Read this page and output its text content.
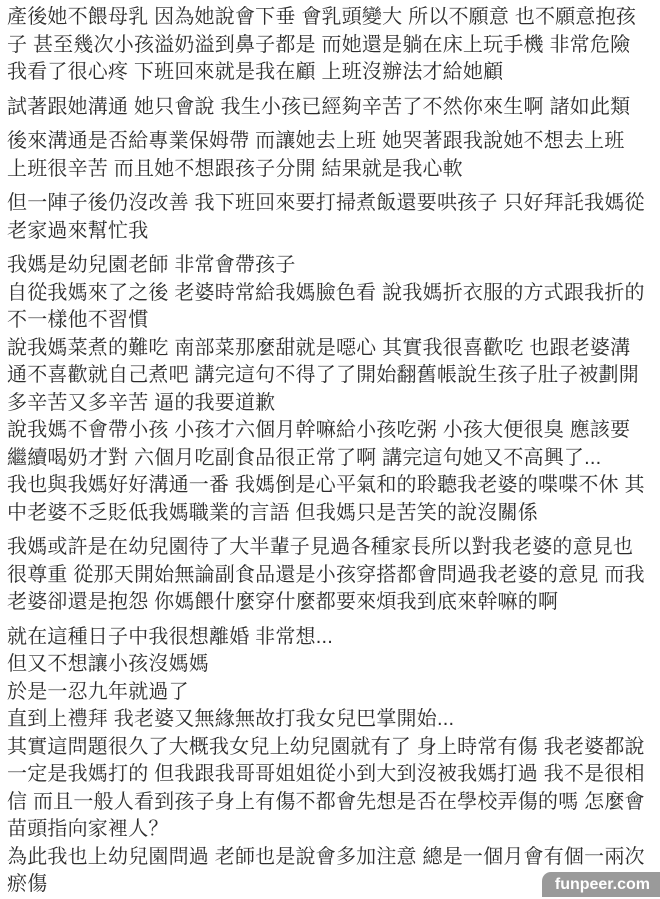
產後她不餵母乳 因為她說會下垂 會乳頭變大 所以不願意 也不願意抱孩
子 甚至幾次小孩溢奶溢到鼻子都是 而她還是躺在床上玩手機 非常危險
我看了很心疼 下班回來就是我在顧 上班沒辦法才給她顧
試著跟她溝通 她只會說 我生小孩已經夠辛苦了不然你來生啊 諸如此類
後來溝通是否給專業保姆帶 而讓她去上班 她哭著跟我說她不想去上班
上班很辛苦 而且她不想跟孩子分開 結果就是我心軟
但一陣子後仍沒改善 我下班回來要打掃煮飯還要哄孩子 只好拜託我媽從
老家過來幫忙我
我媽是幼兒園老師 非常會帶孩子
自從我媽來了之後 老婆時常給我媽臉色看 說我媽折衣服的方式跟我折的
不一樣他不習慣
說我媽菜煮的難吃 南部菜那麼甜就是噁心 其實我很喜歡吃 也跟老婆溝
通不喜歡就自己煮吧 講完這句不得了了開始翻舊帳說生孩子肚子被劃開
多辛苦又多辛苦 逼的我要道歉
說我媽不會帶小孩 小孩才六個月幹嘛給小孩吃粥 小孩大便很臭 應該要
繼續喝奶才對 六個月吃副食品很正常了啊 講完這句她又不高興了...
我也與我媽好好溝通一番 我媽倒是心平氣和的聆聽我老婆的喋喋不休 其
中老婆不乏貶低我媽職業的言語 但我媽只是苦笑的說沒關係
我媽或許是在幼兒園待了大半輩子見過各種家長所以對我老婆的意見也
很尊重 從那天開始無論副食品還是小孩穿搭都會問過我老婆的意見 而我
老婆卻還是抱怨 你媽餵什麼穿什麼都要來煩我到底來幹嘛的啊
就在這種日子中我很想離婚 非常想...
但又不想讓小孩沒媽媽
於是一忍九年就過了
直到上禮拜 我老婆又無緣無故打我女兒巴掌開始...
其實這問題很久了大概我女兒上幼兒園就有了 身上時常有傷 我老婆都說
一定是我媽打的 但我跟我哥哥姐姐從小到大到沒被我媽打過 我不是很相
信 而且一般人看到孩子身上有傷不都會先想是否在學校弄傷的嗎 怎麼會
苗頭指向家裡人？
為此我也上幼兒園問過 老師也是說會多加注意 總是一個月會有個一兩次
瘀傷	funpeer.com
